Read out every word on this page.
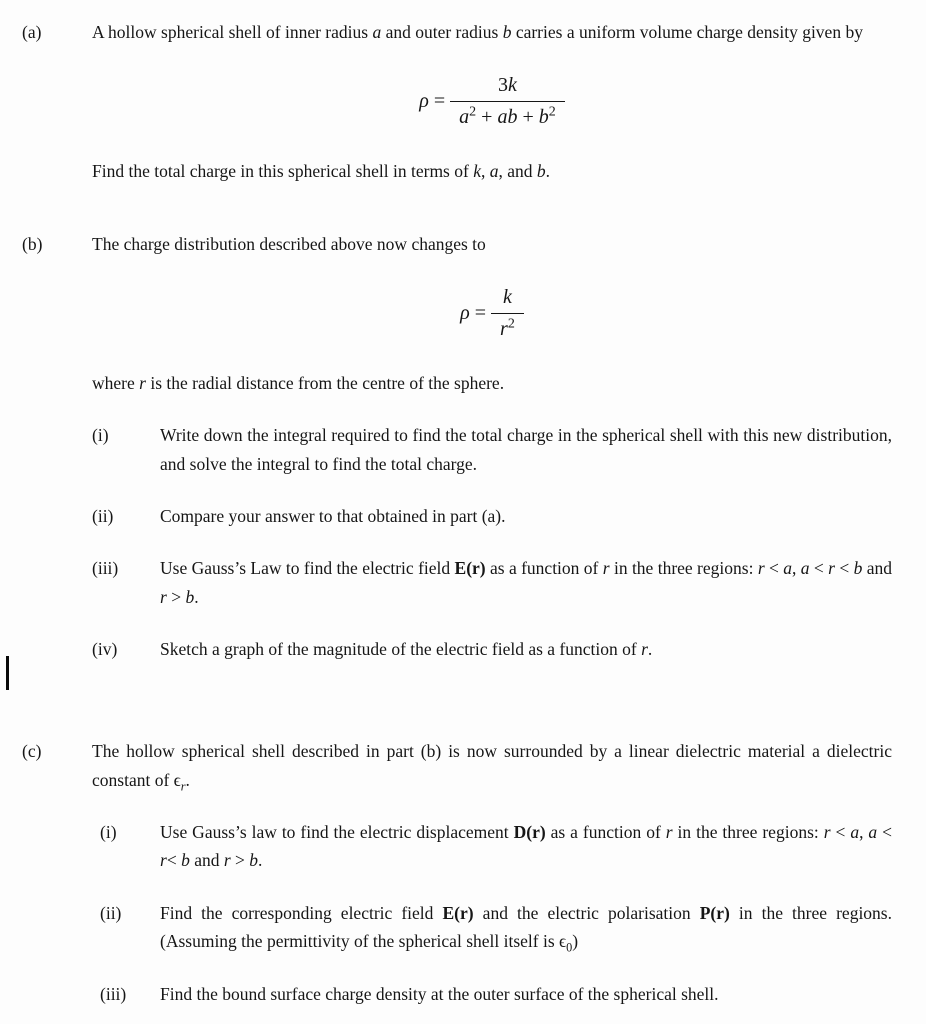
(a)	A hollow spherical shell of inner radius a and outer radius b carries a uniform volume charge density given by

$\rho = \frac{3k}{a^2 + ab + b^2}$

Find the total charge in this spherical shell in terms of k, a, and b.

(b)	The charge distribution described above now changes to

$\rho = \frac{k}{r^2}$

where r is the radial distance from the centre of the sphere.

(i)	Write down the integral required to find the total charge in the spherical shell with this new distribution, and solve the integral to find the total charge.

(ii)	Compare your answer to that obtained in part (a).

(iii)	Use Gauss’s Law to find the electric field E(r) as a function of r in the three regions: r < a, a < r < b and r > b.

(iv)	Sketch a graph of the magnitude of the electric field as a function of r.

(c)	The hollow spherical shell described in part (b) is now surrounded by a linear dielectric material a dielectric constant of $\epsilon_r$.

(i)	Use Gauss’s law to find the electric displacement D(r) as a function of r in the three regions: r < a, a < r< b and r > b.

(ii)	Find the corresponding electric field E(r) and the electric polarisation P(r) in the three regions. (Assuming the permittivity of the spherical shell itself is $\epsilon_0$)

(iii)	Find the bound surface charge density at the outer surface of the spherical shell.
